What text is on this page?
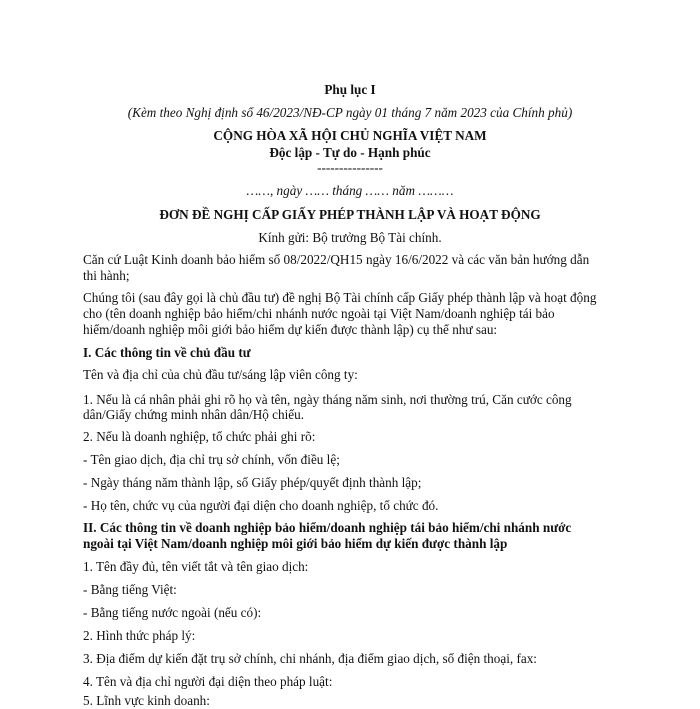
Phụ lục I

(Kèm theo Nghị định số 46/2023/NĐ-CP ngày 01 tháng 7 năm 2023 của Chính phủ)

CỘNG HÒA XÃ HỘI CHỦ NGHĨA VIỆT NAM

Độc lập - Tự do - Hạnh phúc

---------------

……, ngày …… tháng …… năm ………

ĐƠN ĐỀ NGHỊ CẤP GIẤY PHÉP THÀNH LẬP VÀ HOẠT ĐỘNG

Kính gửi: Bộ trưởng Bộ Tài chính.

Căn cứ Luật Kinh doanh bảo hiểm số 08/2022/QH15 ngày 16/6/2022 và các văn bản hướng dẫn

thi hành;

Chúng tôi (sau đây gọi là chủ đầu tư) đề nghị Bộ Tài chính cấp Giấy phép thành lập và hoạt động

cho (tên doanh nghiệp bảo hiểm/chi nhánh nước ngoài tại Việt Nam/doanh nghiệp tái bảo

hiểm/doanh nghiệp môi giới bảo hiểm dự kiến được thành lập) cụ thể như sau:

I. Các thông tin về chủ đầu tư

Tên và địa chỉ của chủ đầu tư/sáng lập viên công ty:

1. Nếu là cá nhân phải ghi rõ họ và tên, ngày tháng năm sinh, nơi thường trú, Căn cước công

dân/Giấy chứng minh nhân dân/Hộ chiếu.

2. Nếu là doanh nghiệp, tổ chức phải ghi rõ:

- Tên giao dịch, địa chỉ trụ sở chính, vốn điều lệ;

- Ngày tháng năm thành lập, số Giấy phép/quyết định thành lập;

- Họ tên, chức vụ của người đại diện cho doanh nghiệp, tổ chức đó.

II. Các thông tin về doanh nghiệp bảo hiểm/doanh nghiệp tái bảo hiểm/chi nhánh nước

ngoài tại Việt Nam/doanh nghiệp môi giới bảo hiểm dự kiến được thành lập

1. Tên đầy đủ, tên viết tắt và tên giao dịch:

- Bằng tiếng Việt:

- Bằng tiếng nước ngoài (nếu có):

2. Hình thức pháp lý:

3. Địa điểm dự kiến đặt trụ sở chính, chi nhánh, địa điểm giao dịch, số điện thoại, fax:

4. Tên và địa chỉ người đại diện theo pháp luật:

5. Lĩnh vực kinh doanh:
